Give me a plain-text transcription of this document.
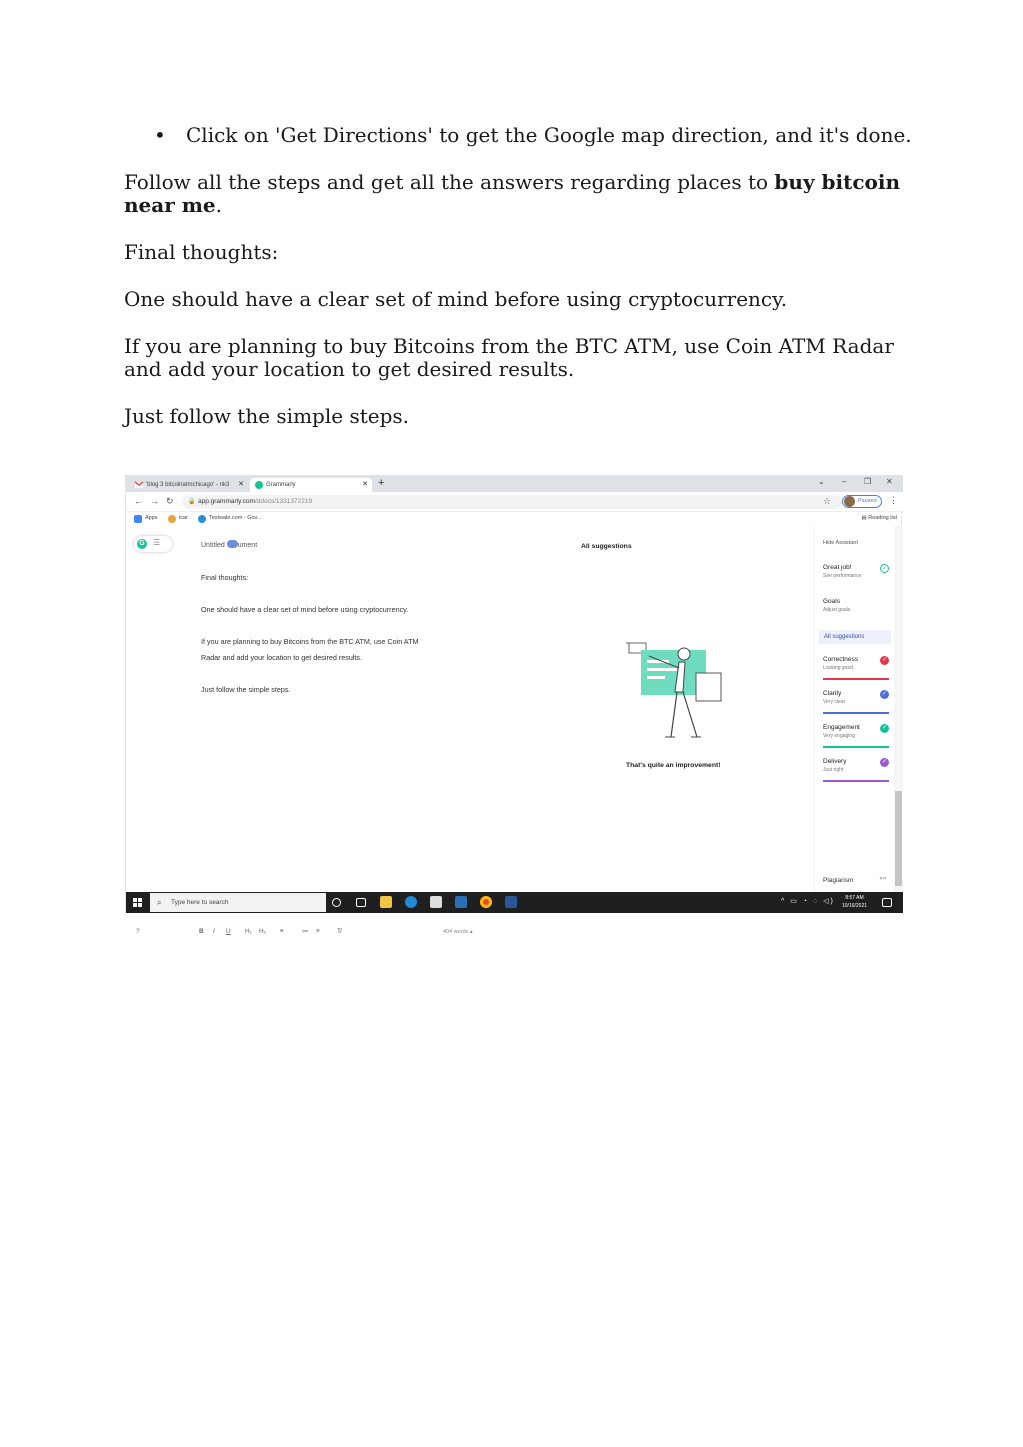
• Click on 'Get Directions' to get the Google map direction, and it's done.
Follow all the steps and get all the answers regarding places to buy bitcoin near me.
Final thoughts:
One should have a clear set of mind before using cryptocurrency.
If you are planning to buy Bitcoins from the BTC ATM, use Coin ATM Radar and add your location to get desired results.
Just follow the simple steps.
'blog 3 bitcoinatmchicago' - nk3 ✕	Grammarly	✕ +	⌄ – ❐ ✕
← → ↻ 🔒 app.grammarly.com/ddocs/1331372219	☆	Paused	⋮
Apps	icar	Testwale.com - Gov...	▤ Reading list
G ☰	Untitled ument
Final thoughts:
One should have a clear set of mind before using cryptocurrency.
If you are planning to buy Bitcoins from the BTC ATM, use Coin ATM
Radar and add your location to get desired results.
Just follow the simple steps.
All suggestions
That's quite an improvement!
Hide Assistant
Great job!
See performance
✓
Goals
Adjust goals
All suggestions
Correctness
Looking good
✓
Clarity
Very clear
✓
Engagement
Very engaging
✓
Delivery
Just right
✓
Plagiarism	❞❞
?	B I U H₁ H₂ ⚭	≔ ≡	T̸	404 words ▴
⌕ Type here to search	^ ▭ ◔ ◌ ◁)	8:57 AM
10/16/2021
